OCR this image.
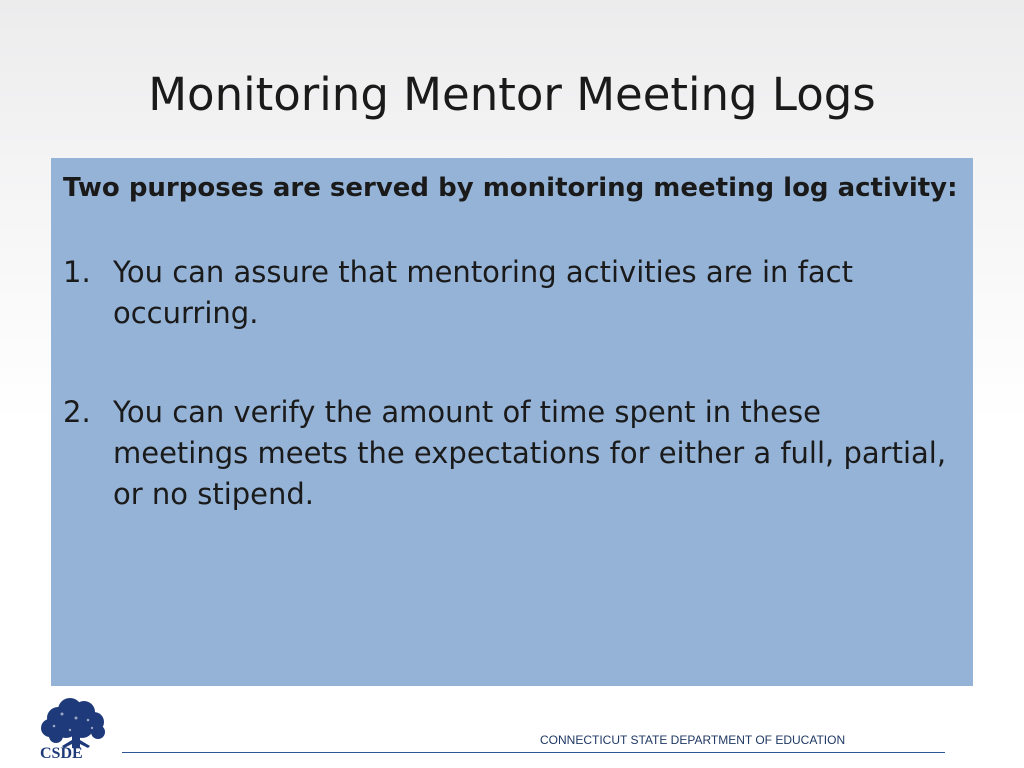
Monitoring Mentor Meeting Logs

Two purposes are served by monitoring meeting log activity:

1. You can assure that mentoring activities are in fact occurring.
2. You can verify the amount of time spent in these meetings meets the expectations for either a full, partial, or no stipend.
CSDE
CONNECTICUT STATE DEPARTMENT OF EDUCATION
